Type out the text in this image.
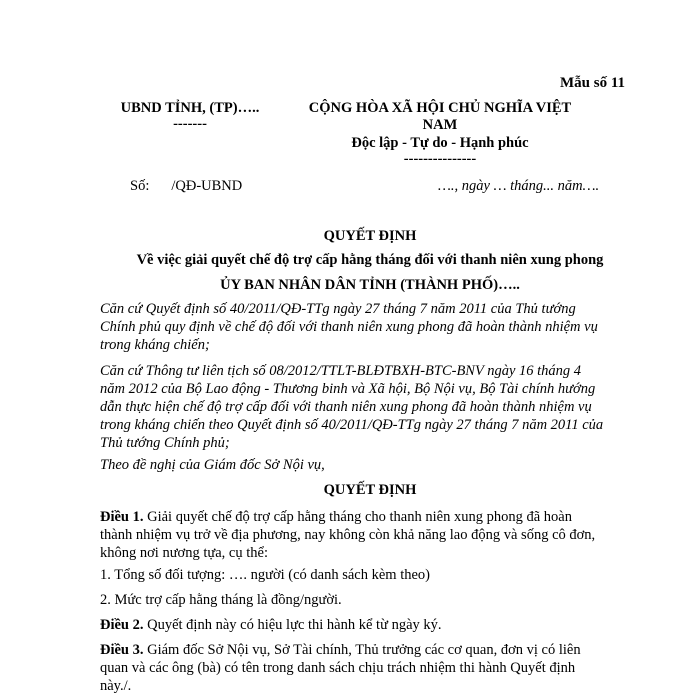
Mẫu số 11
UBND TỈNH, (TP)…..
-------
CỘNG HÒA XÃ HỘI CHỦ NGHĨA VIỆT
NAM
Độc lập - Tự do - Hạnh phúc
---------------
Số: /QĐ-UBND	…., ngày … tháng... năm….
QUYẾT ĐỊNH
Về việc giải quyết chế độ trợ cấp hằng tháng đối với thanh niên xung phong
ỦY BAN NHÂN DÂN TỈNH (THÀNH PHỐ)…..
Căn cứ Quyết định số 40/2011/QĐ-TTg ngày 27 tháng 7 năm 2011 của Thủ tướng
Chính phủ quy định về chế độ đối với thanh niên xung phong đã hoàn thành nhiệm vụ
trong kháng chiến;
Căn cứ Thông tư liên tịch số 08/2012/TTLT-BLĐTBXH-BTC-BNV ngày 16 tháng 4
năm 2012 của Bộ Lao động - Thương binh và Xã hội, Bộ Nội vụ, Bộ Tài chính hướng
dẫn thực hiện chế độ trợ cấp đối với thanh niên xung phong đã hoàn thành nhiệm vụ
trong kháng chiến theo Quyết định số 40/2011/QĐ-TTg ngày 27 tháng 7 năm 2011 của
Thủ tướng Chính phủ;
Theo đề nghị của Giám đốc Sở Nội vụ,
QUYẾT ĐỊNH
Điều 1. Giải quyết chế độ trợ cấp hằng tháng cho thanh niên xung phong đã hoàn
thành nhiệm vụ trở về địa phương, nay không còn khả năng lao động và sống cô đơn,
không nơi nương tựa, cụ thể:
1. Tổng số đối tượng: …. người (có danh sách kèm theo)
2. Mức trợ cấp hằng tháng là đồng/người.
Điều 2. Quyết định này có hiệu lực thi hành kể từ ngày ký.
Điều 3. Giám đốc Sở Nội vụ, Sở Tài chính, Thủ trưởng các cơ quan, đơn vị có liên
quan và các ông (bà) có tên trong danh sách chịu trách nhiệm thi hành Quyết định
này./.
